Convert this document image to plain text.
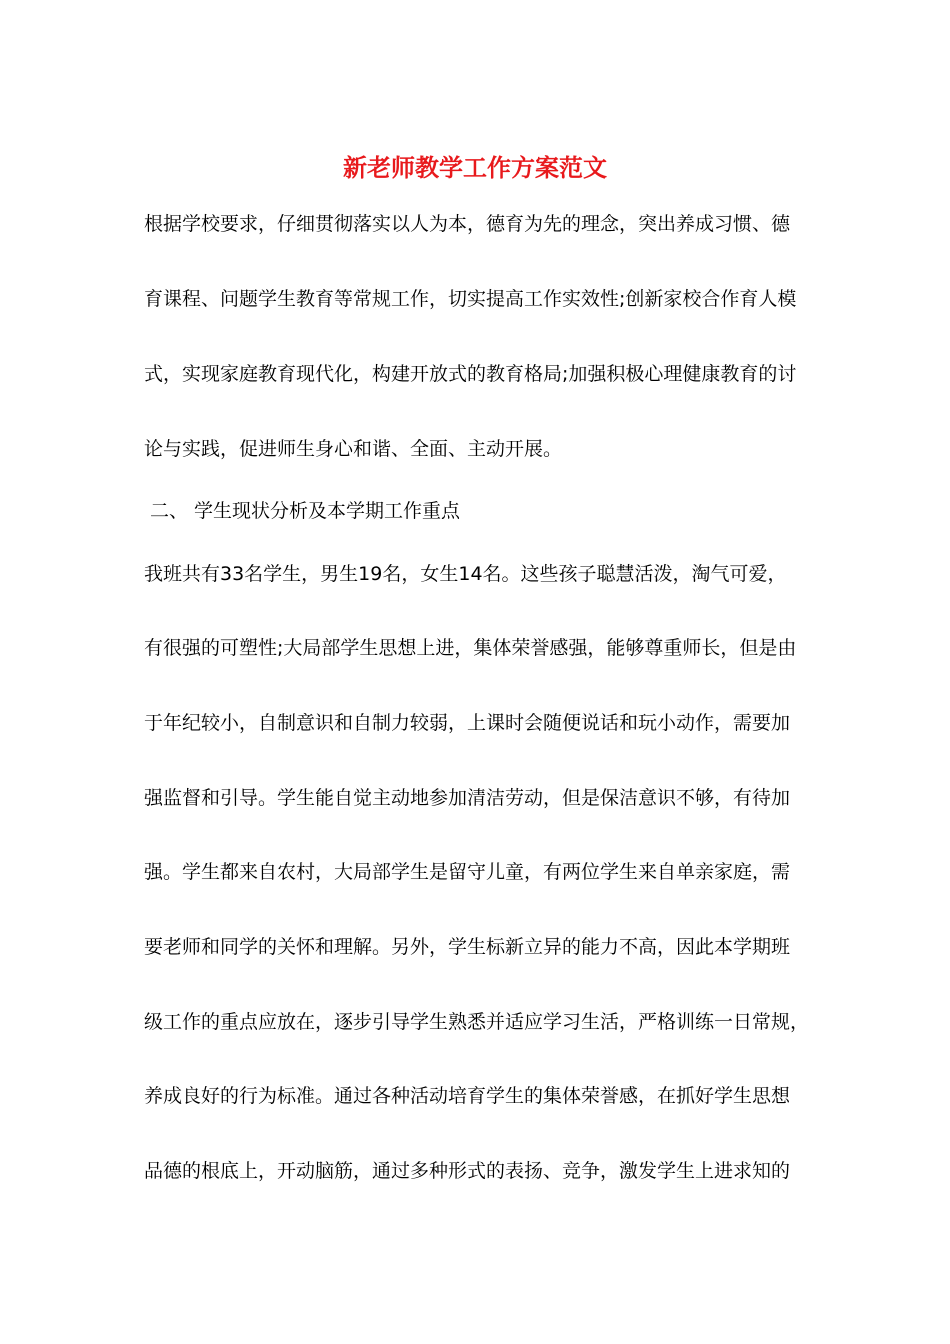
新老师教学工作方案范文

根据学校要求，仔细贯彻落实以人为本，德育为先的理念，突出养成习惯、德

育课程、问题学生教育等常规工作，切实提高工作实效性;创新家校合作育人模

式，实现家庭教育现代化，构建开放式的教育格局;加强积极心理健康教育的讨

论与实践，促进师生身心和谐、全面、主动开展。

二、 学生现状分析及本学期工作重点

我班共有33名学生，男生19名，女生14名。这些孩子聪慧活泼，淘气可爱，

有很强的可塑性;大局部学生思想上进，集体荣誉感强，能够尊重师长，但是由

于年纪较小，自制意识和自制力较弱，上课时会随便说话和玩小动作，需要加

强监督和引导。学生能自觉主动地参加清洁劳动，但是保洁意识不够，有待加

强。学生都来自农村，大局部学生是留守儿童，有两位学生来自单亲家庭，需

要老师和同学的关怀和理解。另外，学生标新立异的能力不高，因此本学期班

级工作的重点应放在，逐步引导学生熟悉并适应学习生活，严格训练一日常规，

养成良好的行为标准。通过各种活动培育学生的集体荣誉感，在抓好学生思想

品德的根底上，开动脑筋，通过多种形式的表扬、竞争，激发学生上进求知的
